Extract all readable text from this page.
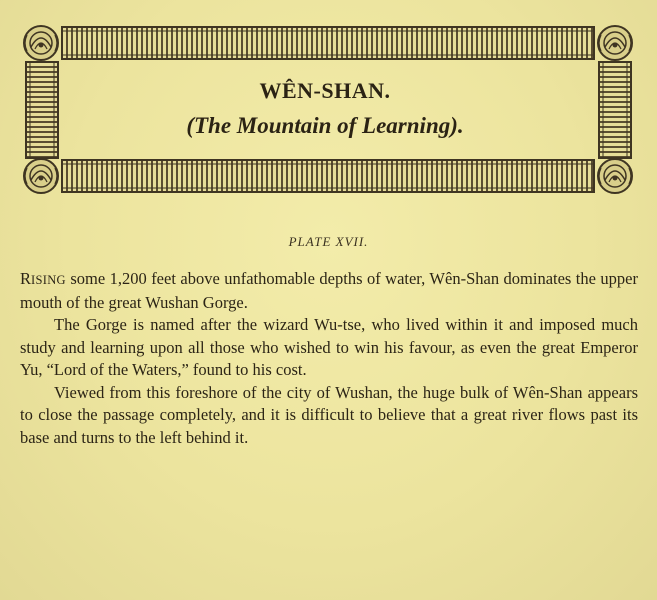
WÊN-SHAN.
(The Mountain of Learning).
PLATE XVII.

RISING some 1,200 feet above unfathomable depths of water, Wên-Shan dominates the upper mouth of the great Wushan Gorge.

The Gorge is named after the wizard Wu-tse, who lived within it and imposed much study and learning upon all those who wished to win his favour, as even the great Emperor Yu, “Lord of the Waters,” found to his cost.

Viewed from this foreshore of the city of Wushan, the huge bulk of Wên-Shan appears to close the passage completely, and it is difficult to believe that a great river flows past its base and turns to the left behind it.
